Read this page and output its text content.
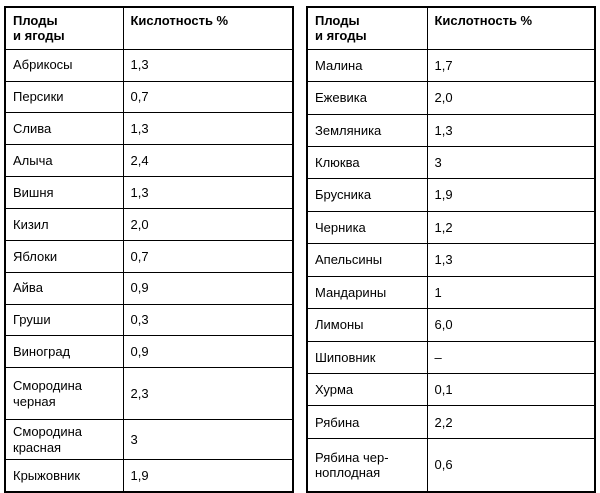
Плоды
и ягоды	Кислотность %

Абрикосы	1,3

Персики	0,7

Слива	1,3

Алыча	2,4

Вишня	1,3

Кизил	2,0

Яблоки	0,7

Айва	0,9

Груши	0,3

Виноград	0,9

Смородина
черная	2,3

Смородина
красная	3

Крыжовник	1,9
Плоды
и ягоды	Кислотность %

Малина	1,7

Ежевика	2,0

Земляника	1,3

Клюква	3

Брусника	1,9

Черника	1,2

Апельсины	1,3

Мандарины	1

Лимоны	6,0

Шиповник	–

Хурма	0,1

Рябина	2,2

Рябина чер-
ноплодная	0,6
